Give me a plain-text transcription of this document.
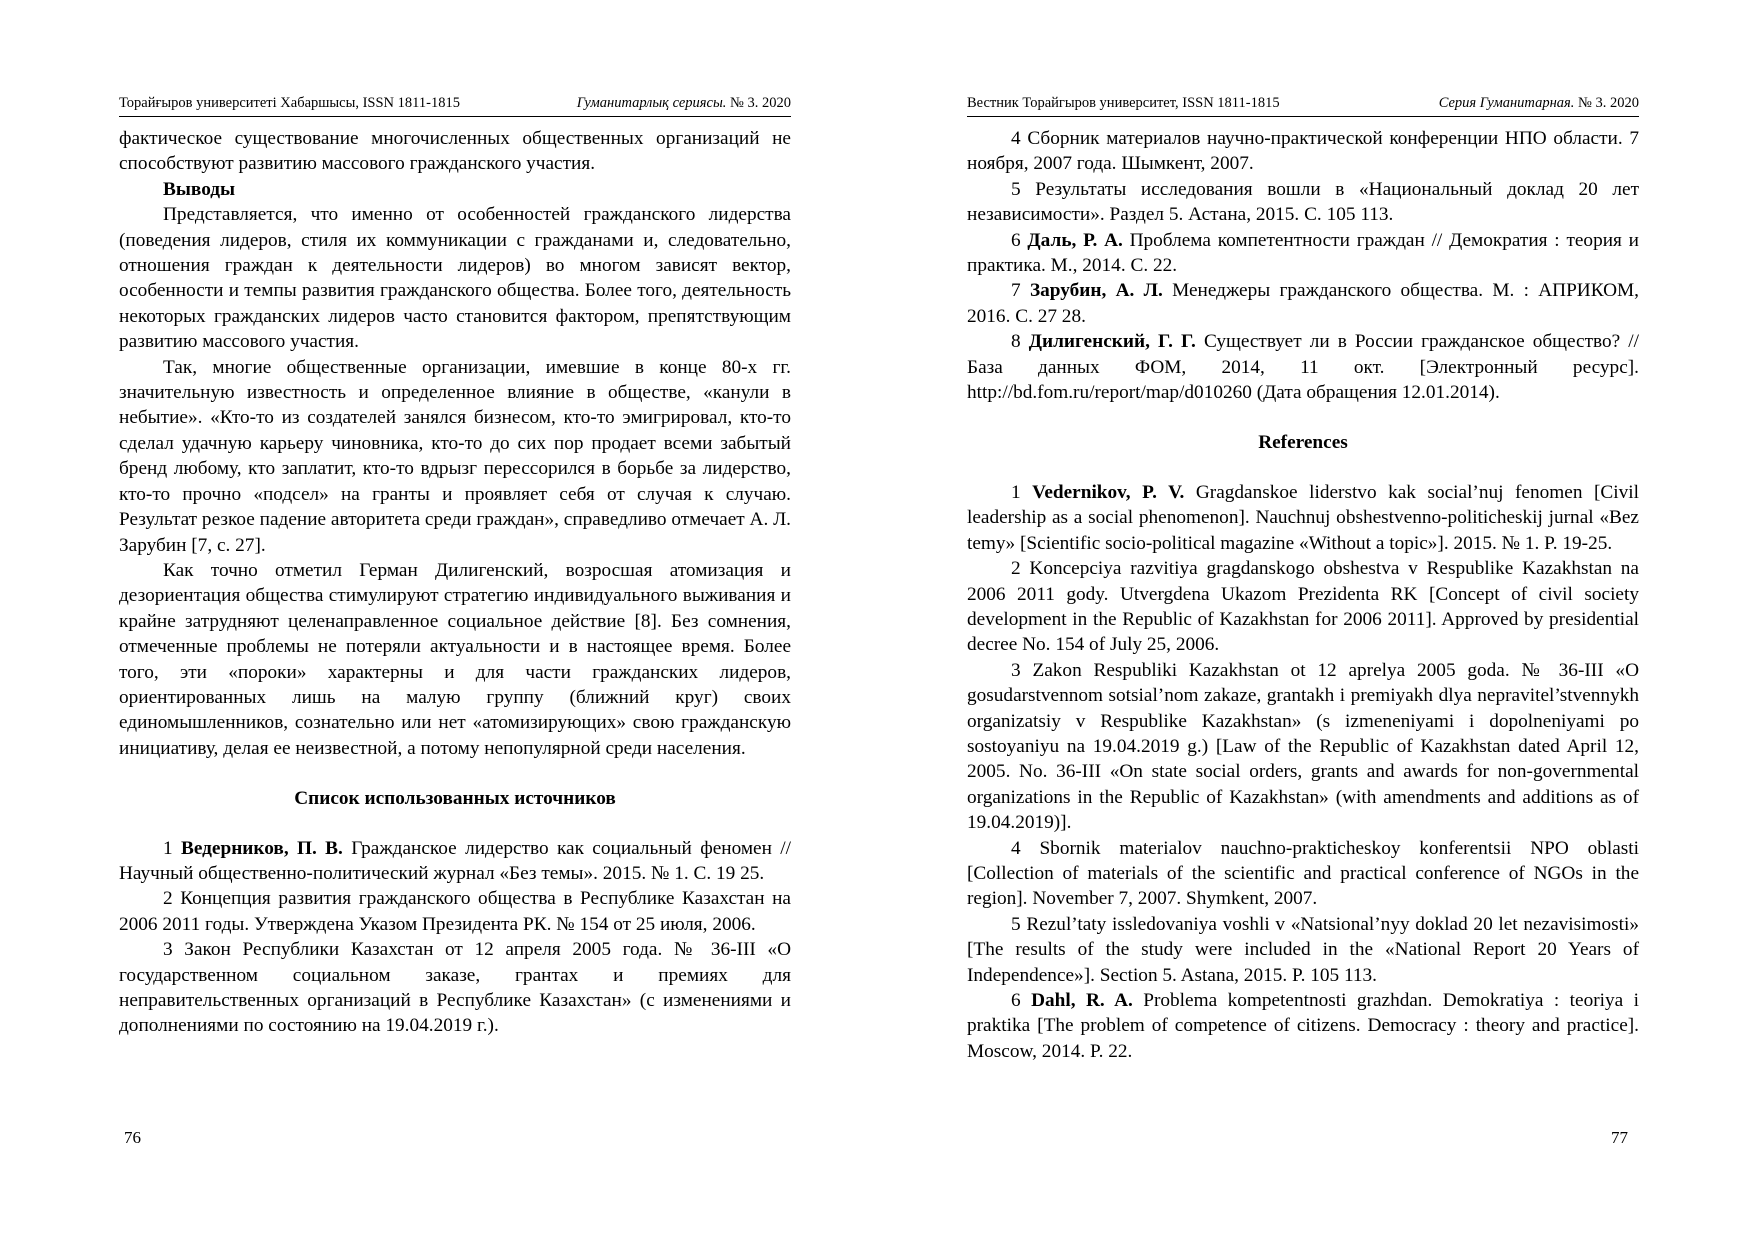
Торайғыров университеті Хабаршысы, ISSN 1811-1815	Гуманитарлық сериясы. № 3. 2020

фактическое существование многочисленных общественных организаций не способствуют развитию массового гражданского участия.

Выводы

Представляется, что именно от особенностей гражданского лидерства (поведения лидеров, стиля их коммуникации с гражданами и, следовательно, отношения граждан к деятельности лидеров) во многом зависят вектор, особенности и темпы развития гражданского общества. Более того, деятельность некоторых гражданских лидеров часто становится фактором, препятствующим развитию массового участия.

Так, многие общественные организации, имевшие в конце 80-х гг. значительную известность и определенное влияние в обществе, «канули в небытие». «Кто-то из создателей занялся бизнесом, кто-то эмигрировал, кто-то сделал удачную карьеру чиновника, кто-то до сих пор продает всеми забытый бренд любому, кто заплатит, кто-то вдрызг перессорился в борьбе за лидерство, кто-то прочно «подсел» на гранты и проявляет себя от случая к случаю. Результат резкое падение авторитета среди граждан», справедливо отмечает А. Л. Зарубин [7, с. 27].

Как точно отметил Герман Дилигенский, возросшая атомизация и дезориентация общества стимулируют стратегию индивидуального выживания и крайне затрудняют целенаправленное социальное действие [8]. Без сомнения, отмеченные проблемы не потеряли актуальности и в настоящее время. Более того, эти «пороки» характерны и для части гражданских лидеров, ориентированных лишь на малую группу (ближний круг) своих единомышленников, сознательно или нет «атомизирующих» свою гражданскую инициативу, делая ее неизвестной, а потому непопулярной среди населения.

Список использованных источников

1 Ведерников, П. В. Гражданское лидерство как социальный феномен // Научный общественно-политический журнал «Без темы». 2015. № 1. С. 19 25.

2 Концепция развития гражданского общества в Республике Казахстан на 2006 2011 годы. Утверждена Указом Президента РК. № 154 от 25 июля, 2006.

3 Закон Республики Казахстан от 12 апреля 2005 года. № 36-III «О государственном социальном заказе, грантах и премиях для неправительственных организаций в Республике Казахстан» (с изменениями и дополнениями по состоянию на 19.04.2019 г.).

76
Вестник Торайгыров университет, ISSN 1811-1815	Серия Гуманитарная. № 3. 2020

4 Сборник материалов научно-практической конференции НПО области. 7 ноября, 2007 года. Шымкент, 2007.

5 Результаты исследования вошли в «Национальный доклад 20 лет независимости». Раздел 5. Астана, 2015. С. 105 113.

6 Даль, Р. А. Проблема компетентности граждан // Демократия : теория и практика. М., 2014. С. 22.

7 Зарубин, А. Л. Менеджеры гражданского общества. М. : АПРИКОМ, 2016. С. 27 28.

8 Дилигенский, Г. Г. Существует ли в России гражданское общество? // База данных ФОМ, 2014, 11 окт. [Электронный ресурс]. http://bd.fom.ru/report/map/d010260 (Дата обращения 12.01.2014).

References

1 Vedernikov, P. V. Gragdanskoe liderstvo kak social’nuj fenomen [Civil leadership as a social phenomenon]. Nauchnuj obshestvenno-politicheskij jurnal «Bez temy» [Scientific socio-political magazine «Without a topic»]. 2015. № 1. P. 19-25.

2 Koncepciya razvitiya gragdanskogo obshestva v Respublike Kazakhstan na 2006 2011 gody. Utvergdena Ukazom Prezidenta RK [Concept of civil society development in the Republic of Kazakhstan for 2006 2011]. Approved by presidential decree No. 154 of July 25, 2006.

3 Zakon Respubliki Kazakhstan ot 12 aprelya 2005 goda. № 36-III «O gosudarstvennom sotsial’nom zakaze, grantakh i premiyakh dlya nepravitel’stvennykh organizatsiy v Respublike Kazakhstan» (s izmeneniyami i dopolneniyami po sostoyaniyu na 19.04.2019 g.) [Law of the Republic of Kazakhstan dated April 12, 2005. No. 36-III «On state social orders, grants and awards for non-governmental organizations in the Republic of Kazakhstan» (with amendments and additions as of 19.04.2019)].

4 Sbornik materialov nauchno-prakticheskoy konferentsii NPO oblasti [Collection of materials of the scientific and practical conference of NGOs in the region]. November 7, 2007. Shymkent, 2007.

5 Rezul’taty issledovaniya voshli v «Natsional’nyy doklad 20 let nezavisimosti» [The results of the study were included in the «National Report 20 Years of Independence»]. Section 5. Astana, 2015. P. 105 113.

6 Dahl, R. A. Problema kompetentnosti grazhdan. Demokratiya : teoriya i praktika [The problem of competence of citizens. Democracy : theory and practice]. Moscow, 2014. P. 22.

77
